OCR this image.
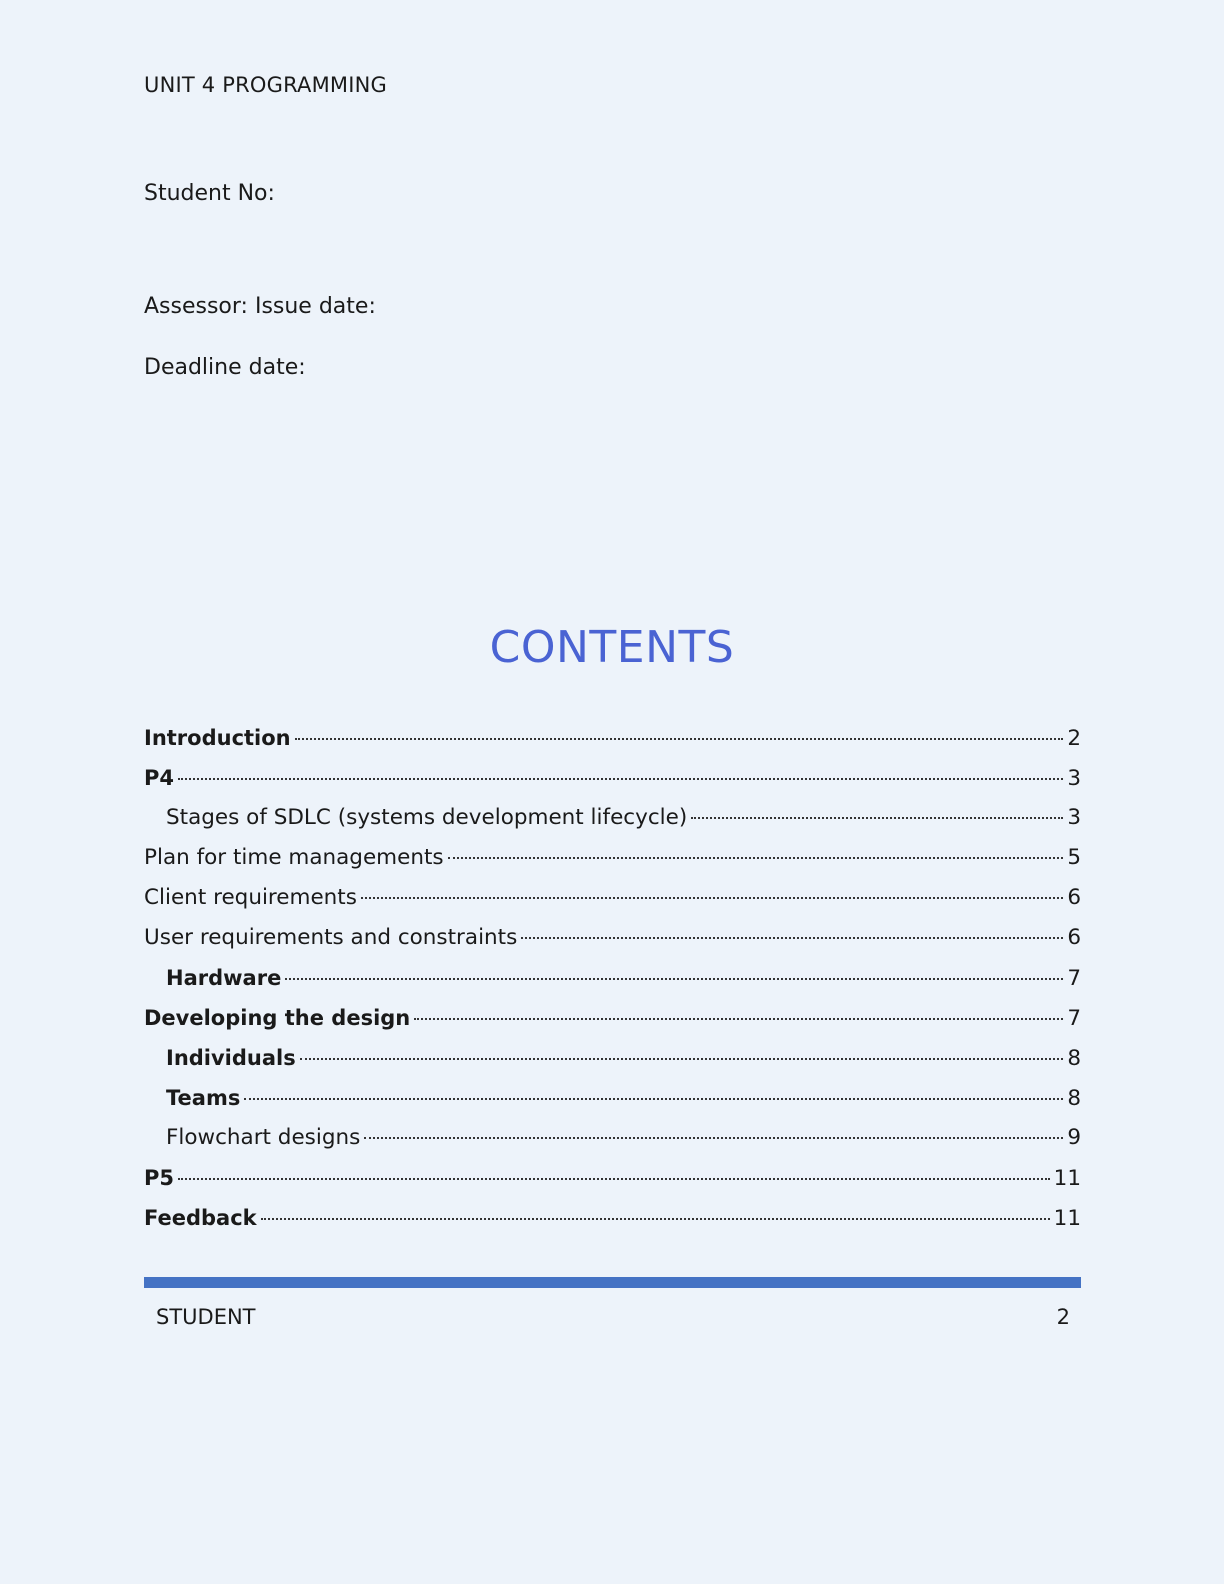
UNIT 4 PROGRAMMING
Student No:
Assessor: Issue date:
Deadline date:
CONTENTS
Introduction	2
P4	3
Stages of SDLC (systems development lifecycle)	3
Plan for time managements	5
Client requirements	6
User requirements and constraints	6
Hardware	7
Developing the design	7
Individuals	8
Teams	8
Flowchart designs	9
P5	11
Feedback	11
STUDENT	2
